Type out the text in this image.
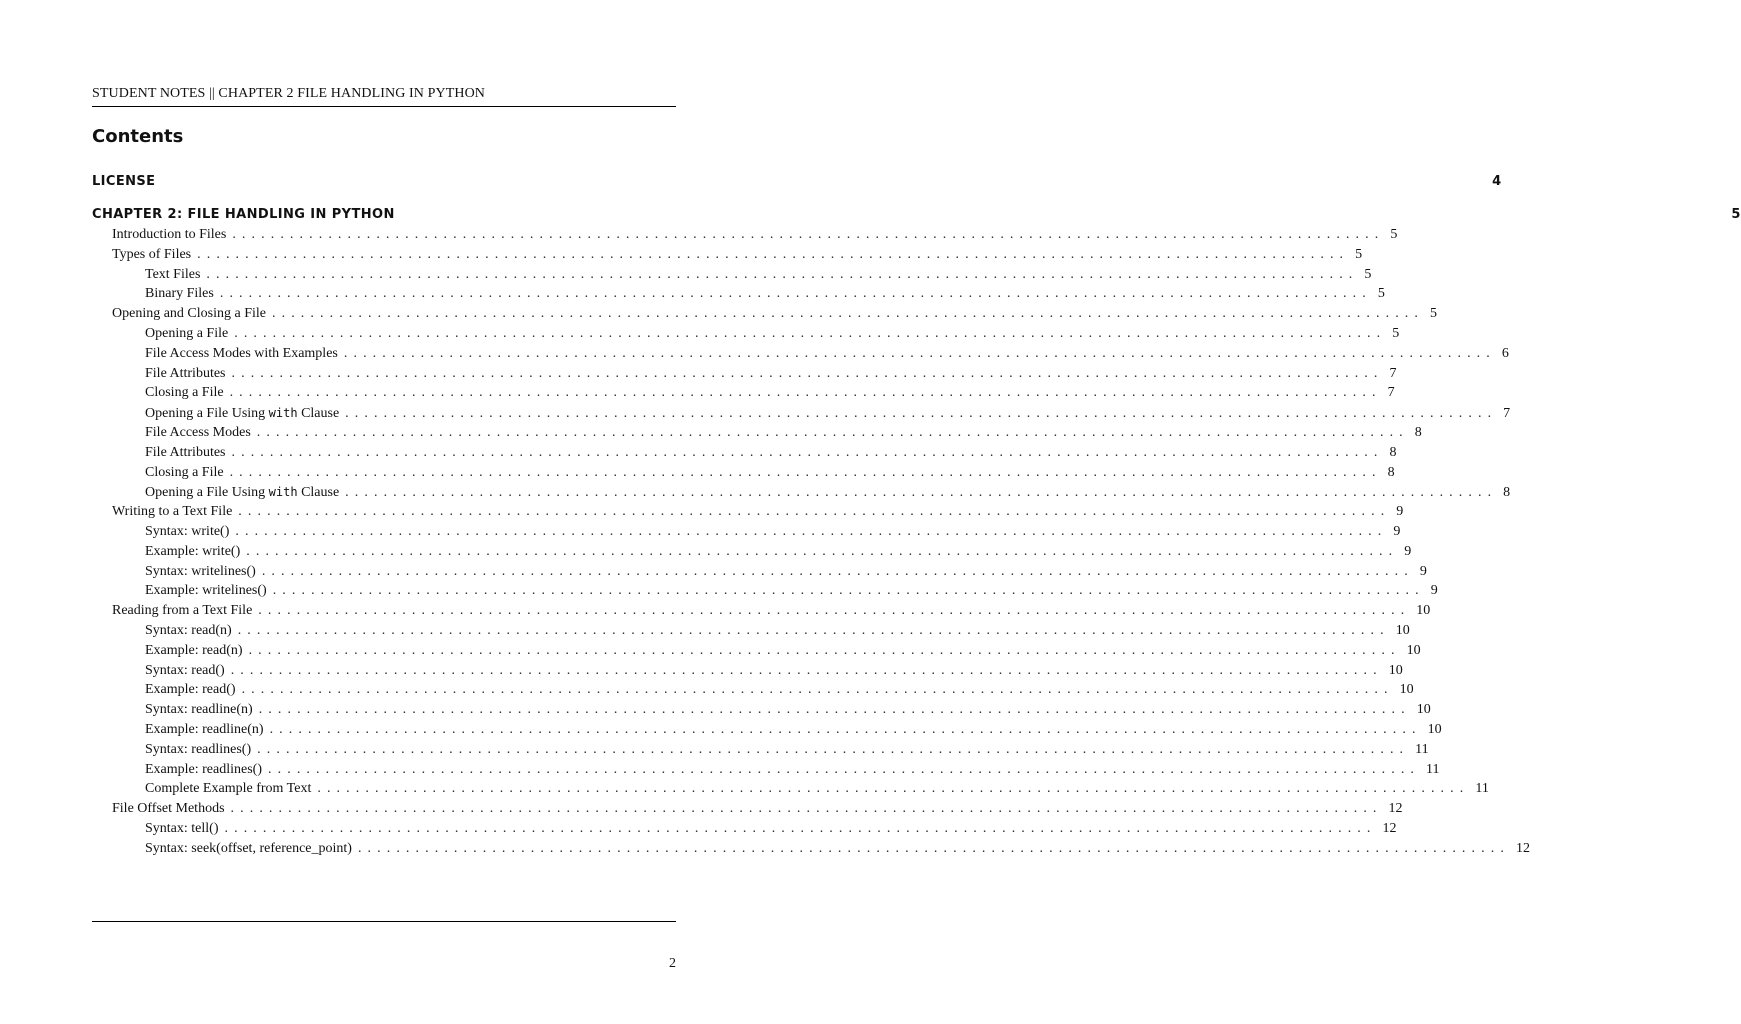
STUDENT NOTES || CHAPTER 2 FILE HANDLING IN PYTHON
Contents
LICENSE	4
CHAPTER 2: FILE HANDLING IN PYTHON	5
Introduction to Files ........................................................................................................................ 5
Types of Files ........................................................................................................................ 5
Text Files ........................................................................................................................ 5
Binary Files ........................................................................................................................ 5
Opening and Closing a File ........................................................................................................................ 5
Opening a File ........................................................................................................................ 5
File Access Modes with Examples ........................................................................................................................ 6
File Attributes ........................................................................................................................ 7
Closing a File ........................................................................................................................ 7
Opening a File Using with Clause ........................................................................................................................ 7
File Access Modes ........................................................................................................................ 8
File Attributes ........................................................................................................................ 8
Closing a File ........................................................................................................................ 8
Opening a File Using with Clause ........................................................................................................................ 8
Writing to a Text File ........................................................................................................................ 9
Syntax: write() ........................................................................................................................ 9
Example: write() ........................................................................................................................ 9
Syntax: writelines() ........................................................................................................................ 9
Example: writelines() ........................................................................................................................ 9
Reading from a Text File ........................................................................................................................ 10
Syntax: read(n) ........................................................................................................................ 10
Example: read(n) ........................................................................................................................ 10
Syntax: read() ........................................................................................................................ 10
Example: read() ........................................................................................................................ 10
Syntax: readline(n) ........................................................................................................................ 10
Example: readline(n) ........................................................................................................................ 10
Syntax: readlines() ........................................................................................................................ 11
Example: readlines() ........................................................................................................................ 11
Complete Example from Text ........................................................................................................................ 11
File Offset Methods ........................................................................................................................ 12
Syntax: tell() ........................................................................................................................ 12
Syntax: seek(offset, reference_point) ........................................................................................................................ 12
2
